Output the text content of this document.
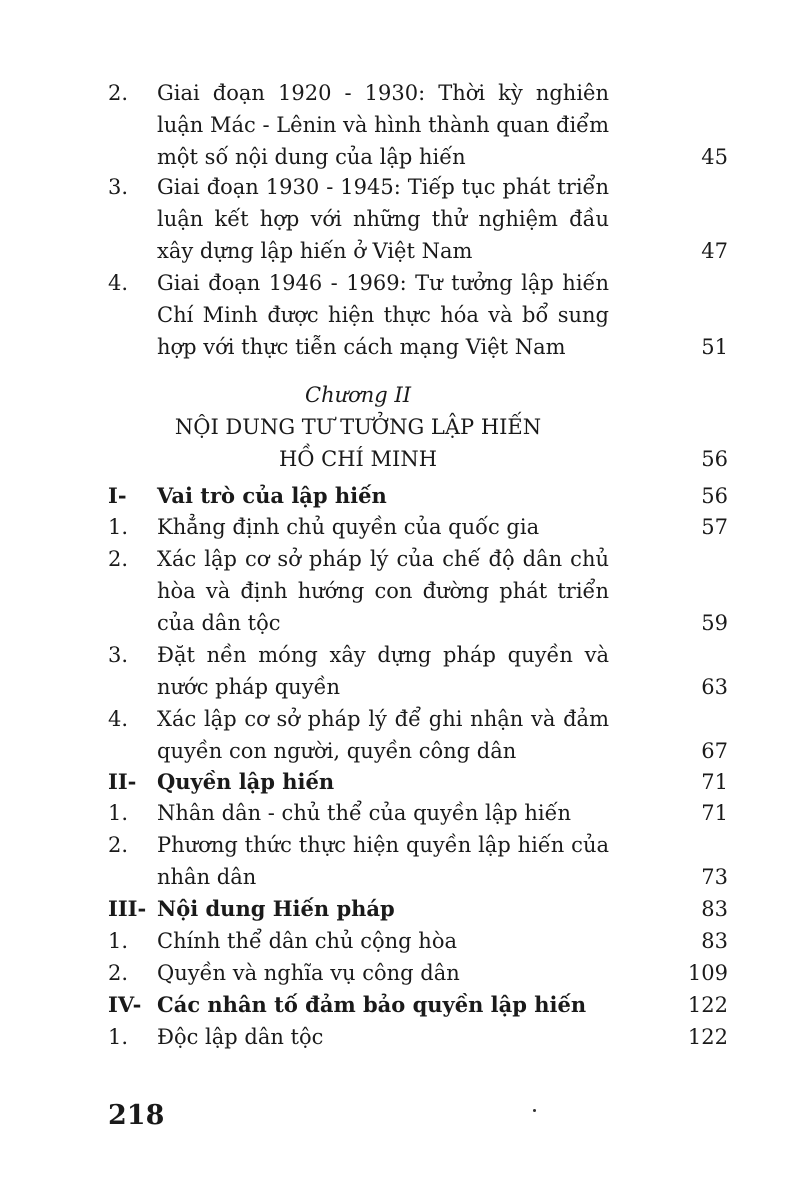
2.	Giai đoạn 1920 - 1930: Thời kỳ nghiên
luận Mác - Lênin và hình thành quan điểm
một số nội dung của lập hiến	45
3.	Giai đoạn 1930 - 1945: Tiếp tục phát triển
luận kết hợp với những thử nghiệm đầu
xây dựng lập hiến ở Việt Nam	47
4.	Giai đoạn 1946 - 1969: Tư tưởng lập hiến
Chí Minh được hiện thực hóa và bổ sung
hợp với thực tiễn cách mạng Việt Nam	51
I-	Vai trò của lập hiến	56
1.	Khẳng định chủ quyền của quốc gia	57
2.	Xác lập cơ sở pháp lý của chế độ dân chủ
hòa và định hướng con đường phát triển
của dân tộc	59
3.	Đặt nền móng xây dựng pháp quyền và
nước pháp quyền	63
4.	Xác lập cơ sở pháp lý để ghi nhận và đảm
quyền con người, quyền công dân	67
II- Quyền lập hiến	71
1.	Nhân dân - chủ thể của quyền lập hiến	71
2.	Phương thức thực hiện quyền lập hiến của
nhân dân	73
III- Nội dung Hiến pháp	83
1.	Chính thể dân chủ cộng hòa	83
2.	Quyền và nghĩa vụ công dân	109
IV- Các nhân tố đảm bảo quyền lập hiến	122
1.	Độc lập dân tộc	122
Chương II
NỘI DUNG TƯ TƯỞNG LẬP HIẾN
HỒ CHÍ MINH	56
218
